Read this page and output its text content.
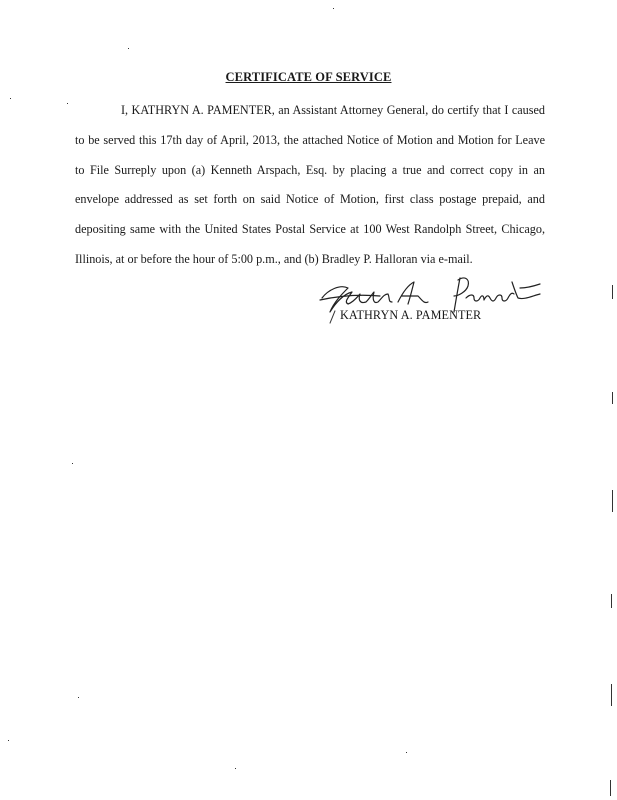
CERTIFICATE OF SERVICE

I, KATHRYN A. PAMENTER, an Assistant Attorney General, do certify that I caused to be served this 17th day of April, 2013, the attached Notice of Motion and Motion for Leave to File Surreply upon (a) Kenneth Arspach, Esq. by placing a true and correct copy in an envelope addressed as set forth on said Notice of Motion, first class postage prepaid, and depositing same with the United States Postal Service at 100 West Randolph Street, Chicago, Illinois, at or before the hour of 5:00 p.m., and (b) Bradley P. Halloran via e-mail.

KATHRYN A. PAMENTER
